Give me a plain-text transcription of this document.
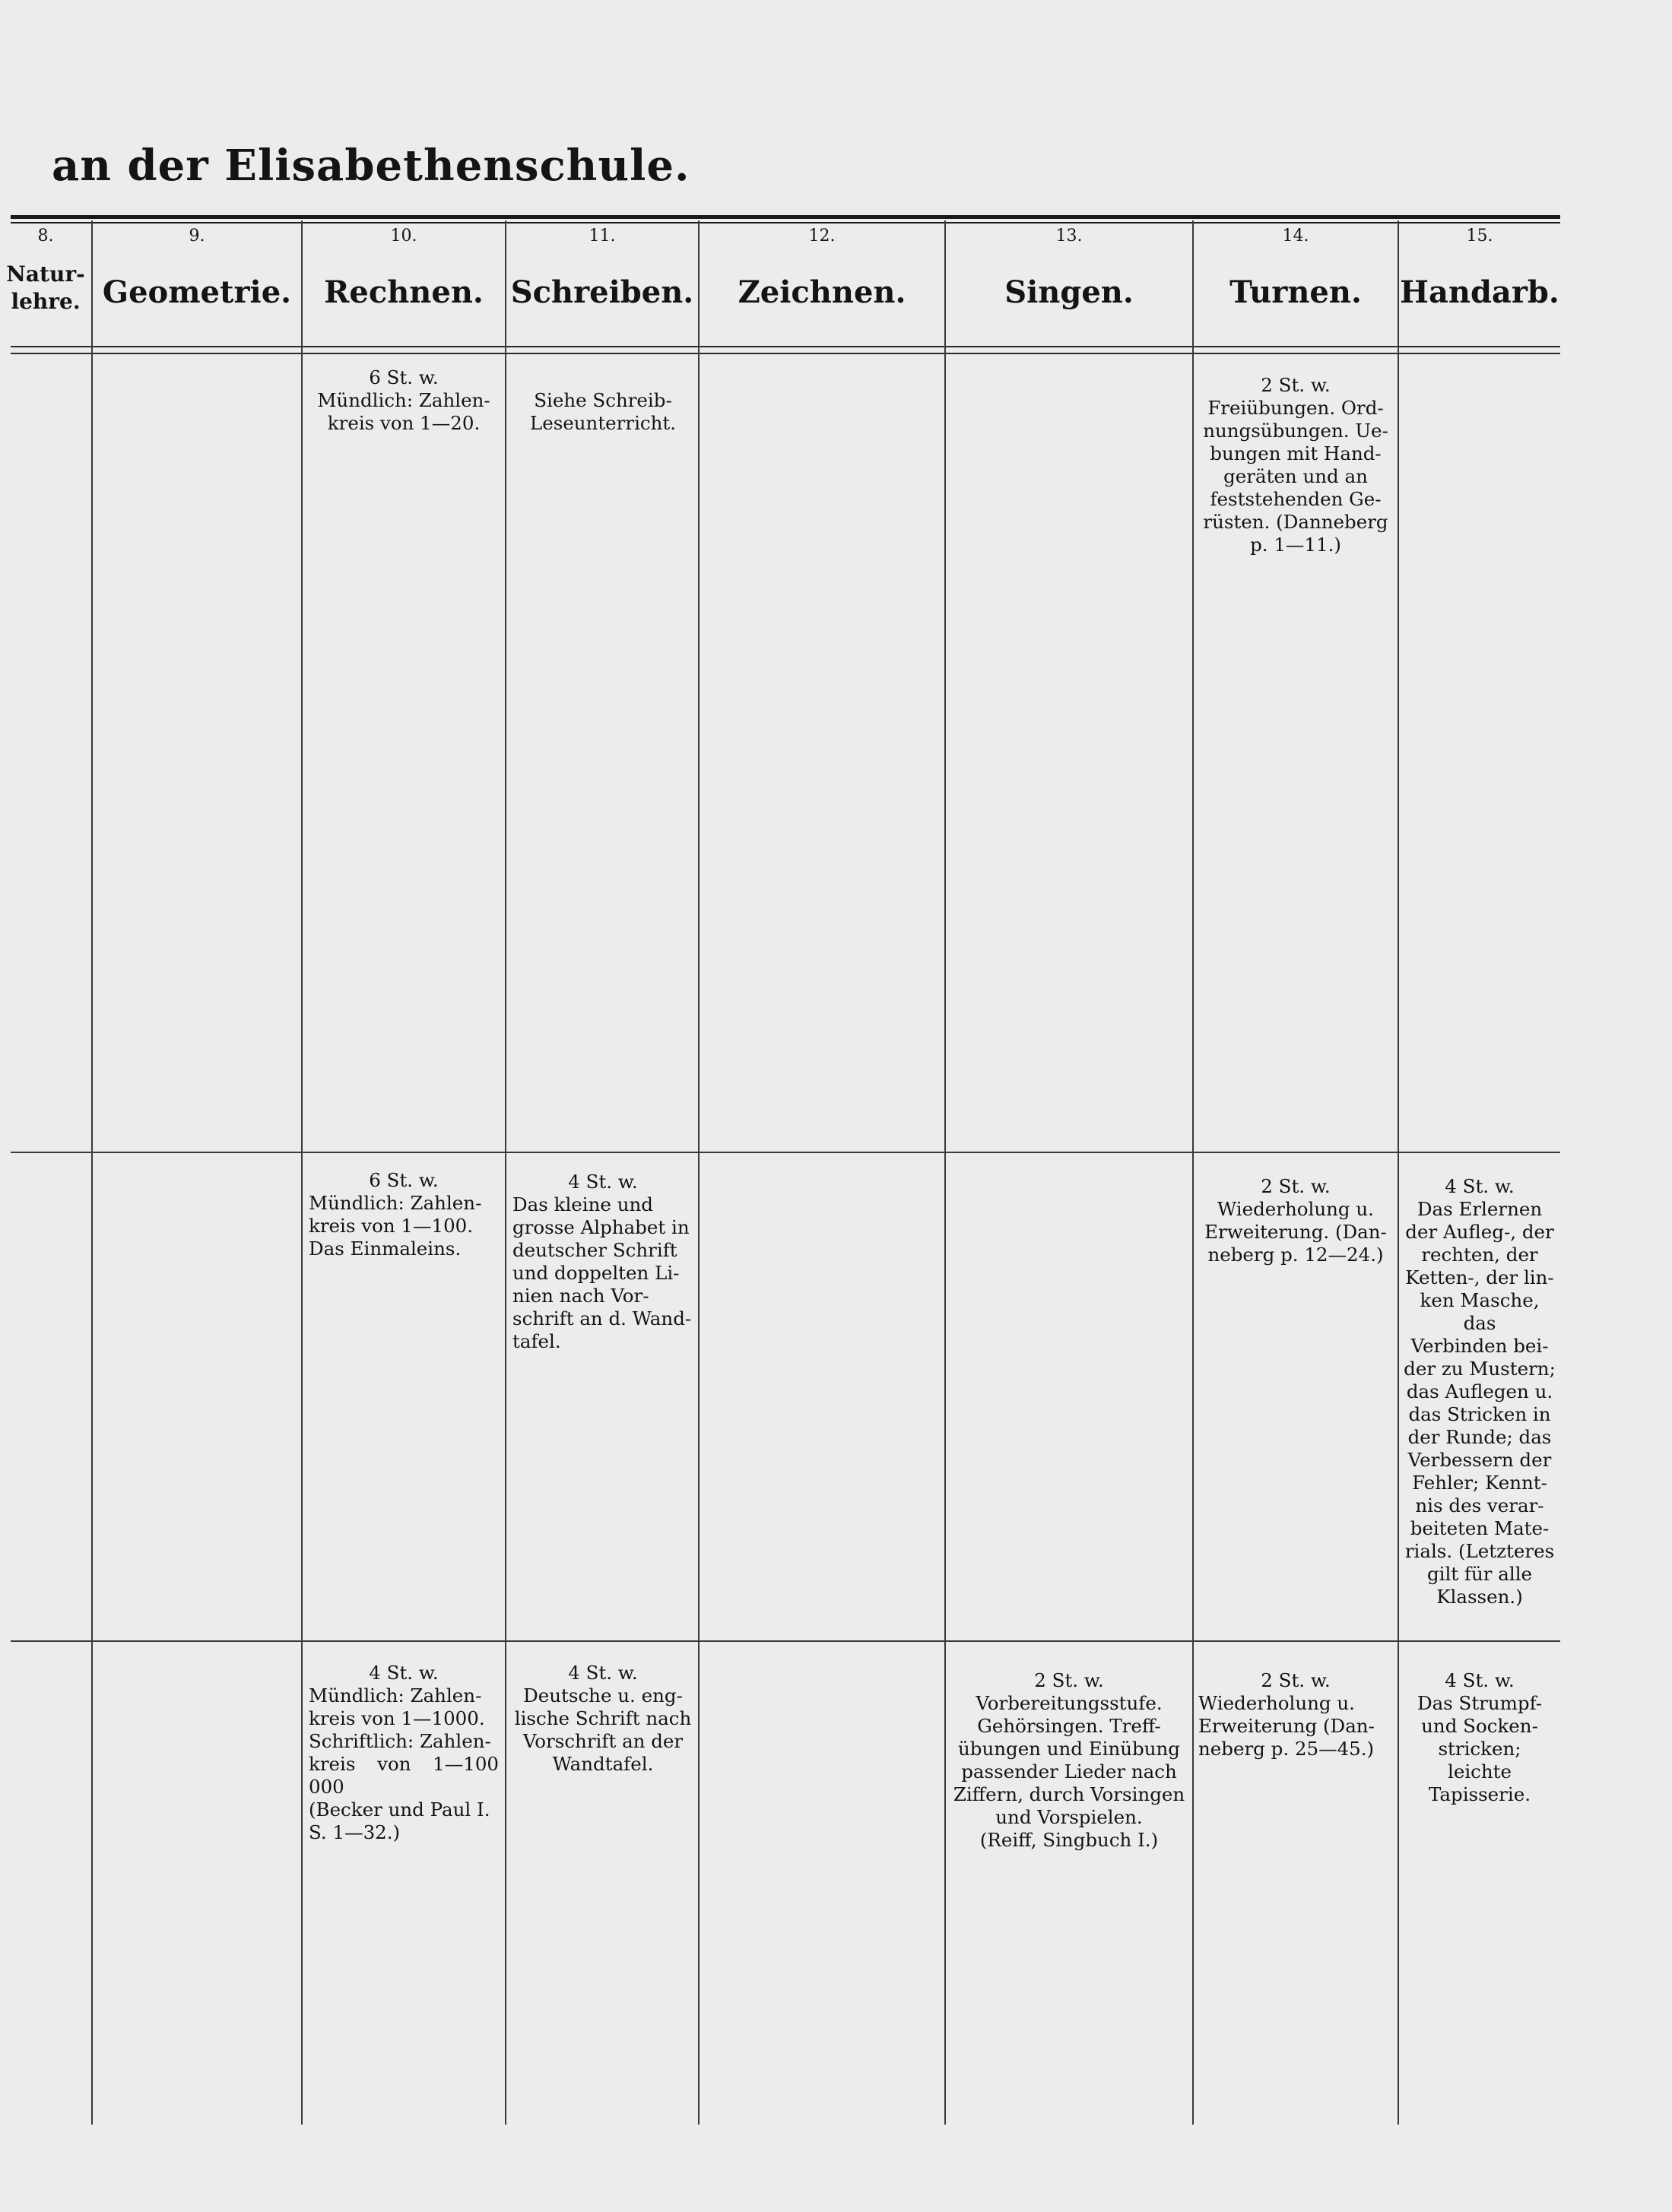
an der Elisabethenschule.
8.
Natur-
lehre.
9.
Geometrie.
10.
Rechnen.
11.
Schreiben.
12.
Zeichnen.
13.
Singen.
14.
Turnen.
15.
Handarb.
6 St. w.
Mündlich: Zahlen-
kreis von 1—20.
Siehe Schreib-
Leseunterricht.
2 St. w.
Freiübungen. Ord-
nungsübungen. Ue-
bungen mit Hand-
geräten und an
feststehenden Ge-
rüsten. (Danneberg
p. 1—11.)
6 St. w.
Mündlich: Zahlen-
kreis von 1—100.
Das Einmaleins.
4 St. w.
Das kleine und
grosse Alphabet in
deutscher Schrift
und doppelten Li-
nien nach Vor-
schrift an d. Wand-
tafel.
2 St. w.
Wiederholung u.
Erweiterung. (Dan-
neberg p. 12—24.)
4 St. w.
Das Erlernen
der Aufleg-, der
rechten, der
Ketten-, der lin-
ken Masche, das
Verbinden bei-
der zu Mustern;
das Auflegen u.
das Stricken in
der Runde; das
Verbessern der
Fehler; Kennt-
nis des verar-
beiteten Mate-
rials. (Letzteres
gilt für alle
Klassen.)
4 St. w.
Mündlich: Zahlen-
kreis von 1—1000.
Schriftlich: Zahlen-
kreis von 1—100 000
(Becker und Paul I.
S. 1—32.)
4 St. w.
Deutsche u. eng-
lische Schrift nach
Vorschrift an der
Wandtafel.
2 St. w.
Vorbereitungsstufe.
Gehörsingen. Treff-
übungen und Einübung
passender Lieder nach
Ziffern, durch Vorsingen
und Vorspielen.
(Reiff, Singbuch I.)
2 St. w.
Wiederholung u.
Erweiterung (Dan-
neberg p. 25—45.)
4 St. w.
Das Strumpf-
und Socken-
stricken; leichte
Tapisserie.
